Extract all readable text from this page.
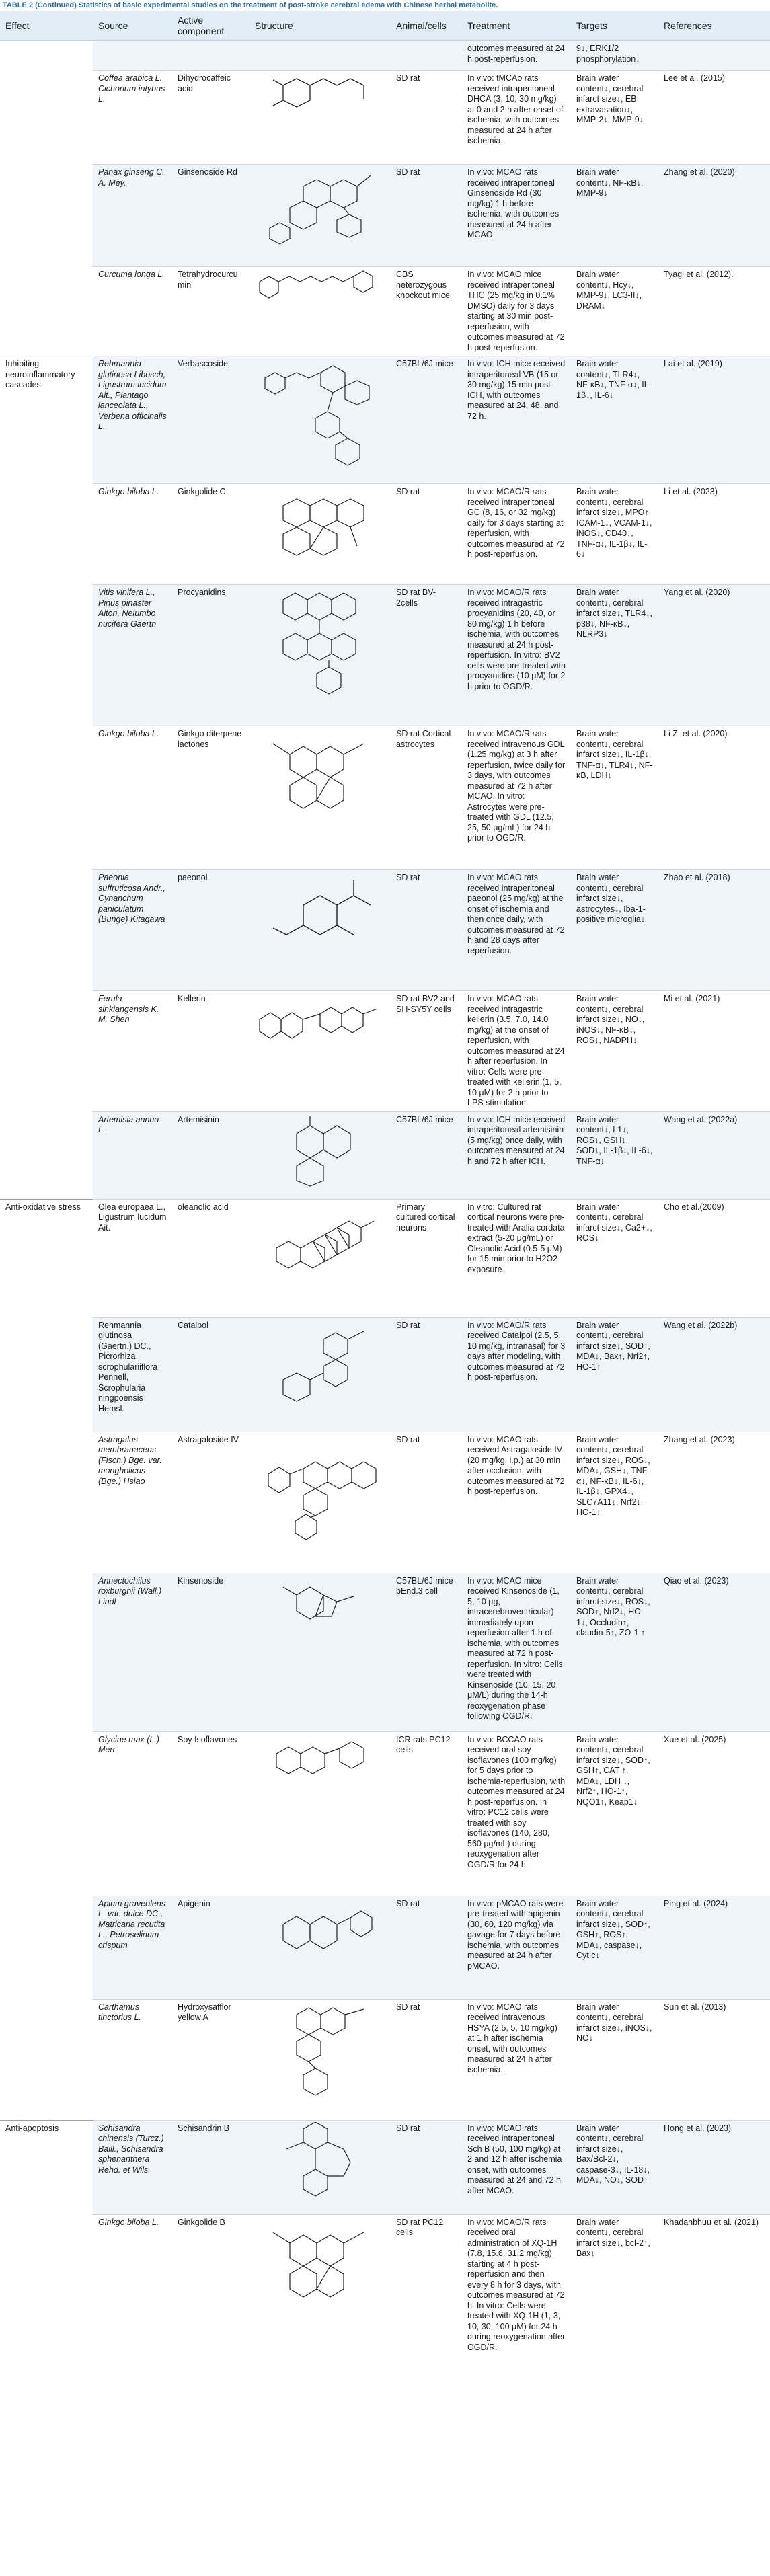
TABLE 2 (Continued) Statistics of basic experimental studies on the treatment of post-stroke cerebral edema with Chinese herbal metabolite.
Effect	Source	Active component	Structure	Animal/cells	Treatment	Targets	References
					outcomes measured at 24 h post-reperfusion.	9↓, ERK1/2 phosphorylation↓	
	Coffea arabica L. Cichorium intybus L.	Dihydrocaffeic acid		SD rat	In vivo: tMCAo rats received intraperitoneal DHCA (3, 10, 30 mg/kg) at 0 and 2 h after onset of ischemia, with outcomes measured at 24 h after ischemia.	Brain water content↓, cerebral infarct size↓, EB extravasation↓, MMP-2↓, MMP-9↓	Lee et al. (2015)
	Panax ginseng C. A. Mey.	Ginsenoside Rd		SD rat	In vivo: MCAO rats received intraperitoneal Ginsenoside Rd (30 mg/kg) 1 h before ischemia, with outcomes measured at 24 h after MCAO.	Brain water content↓, NF-κB↓, MMP-9↓	Zhang et al. (2020)
	Curcuma longa L.	Tetrahydrocurcumin		CBS heterozygous knockout mice	In vivo: MCAO mice received intraperitoneal THC (25 mg/kg in 0.1% DMSO) daily for 3 days starting at 30 min post-reperfusion, with outcomes measured at 72 h post-reperfusion.	Brain water content↓, Hcy↓, MMP-9↓, LC3-II↓, DRAM↓	Tyagi et al. (2012).
Inhibiting neuroinflammatory cascades	Rehmannia glutinosa Libosch, Ligustrum lucidum Ait., Plantago lanceolata L., Verbena officinalis L.	Verbascoside		C57BL/6J mice	In vivo: ICH mice received intraperitoneal VB (15 or 30 mg/kg) 15 min post-ICH, with outcomes measured at 24, 48, and 72 h.	Brain water content↓, TLR4↓, NF-κB↓, TNF-α↓, IL-1β↓, IL-6↓	Lai et al. (2019)
	Ginkgo biloba L.	Ginkgolide C		SD rat	In vivo: MCAO/R rats received intraperitoneal GC (8, 16, or 32 mg/kg) daily for 3 days starting at reperfusion, with outcomes measured at 72 h post-reperfusion.	Brain water content↓, cerebral infarct size↓, MPO↑, ICAM-1↓, VCAM-1↓, iNOS↓, CD40↓, TNF-α↓, IL-1β↓, IL-6↓	Li et al. (2023)
	Vitis vinifera L., Pinus pinaster Aiton, Nelumbo nucifera Gaertn	Procyanidins		SD rat BV-2cells	In vivo: MCAO/R rats received intragastric procyanidins (20, 40, or 80 mg/kg) 1 h before ischemia, with outcomes measured at 24 h post-reperfusion. In vitro: BV2 cells were pre-treated with procyanidins (10 μM) for 2 h prior to OGD/R.	Brain water content↓, cerebral infarct size↓, TLR4↓, p38↓, NF-κB↓, NLRP3↓	Yang et al. (2020)
	Ginkgo biloba L.	Ginkgo diterpene lactones		SD rat Cortical astrocytes	In vivo: MCAO/R rats received intravenous GDL (1.25 mg/kg) at 3 h after reperfusion, twice daily for 3 days, with outcomes measured at 72 h after MCAO. In vitro: Astrocytes were pre-treated with GDL (12.5, 25, 50 μg/mL) for 24 h prior to OGD/R.	Brain water content↓, cerebral infarct size↓, IL-1β↓, TNF-α↓, TLR4↓, NF-κB, LDH↓	Li Z. et al. (2020)
	Paeonia suffruticosa Andr., Cynanchum paniculatum (Bunge) Kitagawa	paeonol		SD rat	In vivo: MCAO rats received intraperitoneal paeonol (25 mg/kg) at the onset of ischemia and then once daily, with outcomes measured at 72 h and 28 days after reperfusion.	Brain water content↓, cerebral infarct size↓, astrocytes↓, Iba-1-positive microglia↓	Zhao et al. (2018)
	Ferula sinkiangensis K. M. Shen	Kellerin		SD rat BV2 and SH-SY5Y cells	In vivo: MCAO rats received intragastric kellerin (3.5, 7.0, 14.0 mg/kg) at the onset of reperfusion, with outcomes measured at 24 h after reperfusion. In vitro: Cells were pre-treated with kellerin (1, 5, 10 μM) for 2 h prior to LPS stimulation.	Brain water content↓, cerebral infarct size↓, NO↓, iNOS↓, NF-κB↓, ROS↓, NADPH↓	Mi et al. (2021)
	Artemisia annua L.	Artemisinin		C57BL/6J mice	In vivo: ICH mice received intraperitoneal artemisinin (5 mg/kg) once daily, with outcomes measured at 24 h and 72 h after ICH.	Brain water content↓, L1↓, ROS↓, GSH↓, SOD↓, IL-1β↓, IL-6↓, TNF-α↓	Wang et al. (2022a)
Anti-oxidative stress	Olea europaea L., Ligustrum lucidum Ait.	oleanolic acid		Primary cultured cortical neurons	In vitro: Cultured rat cortical neurons were pre-treated with Aralia cordata extract (5-20 μg/mL) or Oleanolic Acid (0.5-5 μM) for 15 min prior to H2O2 exposure.	Brain water content↓, cerebral infarct size↓, Ca2+↓, ROS↓	Cho et al.(2009)
	Rehmannia glutinosa (Gaertn.) DC., Picrorhiza scrophulariiflora Pennell, Scrophularia ningpoensis Hemsl.	Catalpol		SD rat	In vivo: MCAO/R rats received Catalpol (2.5, 5, 10 mg/kg, intranasal) for 3 days after modeling, with outcomes measured at 72 h post-reperfusion.	Brain water content↓, cerebral infarct size↓, SOD↑, MDA↓, Bax↑, Nrf2↑, HO-1↑	Wang et al. (2022b)
	Astragalus membranaceus (Fisch.) Bge. var. mongholicus (Bge.) Hsiao	Astragaloside IV		SD rat	In vivo: MCAO rats received Astragaloside IV (20 mg/kg, i.p.) at 30 min after occlusion, with outcomes measured at 72 h post-reperfusion.	Brain water content↓, cerebral infarct size↓, ROS↓, MDA↓, GSH↓, TNF-α↓, NF-κB↓, IL-6↓, IL-1β↓, GPX4↓, SLC7A11↓, Nrf2↓, HO-1↓	Zhang et al. (2023)
	Annectochilus roxburghii (Wall.) Lindl	Kinsenoside		C57BL/6J mice bEnd.3 cell	In vivo: MCAO mice received Kinsenoside (1, 5, 10 μg, intracerebroventricular) immediately upon reperfusion after 1 h of ischemia, with outcomes measured at 72 h post-reperfusion. In vitro: Cells were treated with Kinsenoside (10, 15, 20 μM/L) during the 14-h reoxygenation phase following OGD/R.	Brain water content↓, cerebral infarct size↓, ROS↓, SOD↑, Nrf2↓, HO-1↓, Occludin↑, claudin-5↑, ZO-1 ↑	Qiao et al. (2023)
	Glycine max (L.) Merr.	Soy Isoflavones		ICR rats PC12 cells	In vivo: BCCAO rats received oral soy isoflavones (100 mg/kg) for 5 days prior to ischemia-reperfusion, with outcomes measured at 24 h post-reperfusion. In vitro: PC12 cells were treated with soy isoflavones (140, 280, 560 μg/mL) during reoxygenation after OGD/R for 24 h.	Brain water content↓, cerebral infarct size↓, SOD↑, GSH↑, CAT ↑, MDA↓, LDH ↓, Nrf2↑, HO-1↑, NQO1↑, Keap1↓	Xue et al. (2025)
	Apium graveolens L. var. dulce DC., Matricaria recutita L., Petroselinum crispum	Apigenin		SD rat	In vivo: pMCAO rats were pre-treated with apigenin (30, 60, 120 mg/kg) via gavage for 7 days before ischemia, with outcomes measured at 24 h after pMCAO.	Brain water content↓, cerebral infarct size↓, SOD↑, GSH↑, ROS↑, MDA↓, caspase↓, Cyt c↓	Ping et al. (2024)
	Carthamus tinctorius L.	Hydroxysafflor yellow A		SD rat	In vivo: MCAO rats received intravenous HSYA (2.5, 5, 10 mg/kg) at 1 h after ischemia onset, with outcomes measured at 24 h after ischemia.	Brain water content↓, cerebral infarct size↓, iNOS↓, NO↓	Sun et al. (2013)
Anti-apoptosis	Schisandra chinensis (Turcz.) Baill., Schisandra sphenanthera Rehd. et Wils.	Schisandrin B		SD rat	In vivo: MCAO rats received intraperitoneal Sch B (50, 100 mg/kg) at 2 and 12 h after ischemia onset, with outcomes measured at 24 and 72 h after MCAO.	Brain water content↓, cerebral infarct size↓, Bax/Bcl-2↓, caspase-3↓, IL-18↓, MDA↓, NO↓, SOD↑	Hong et al. (2023)
	Ginkgo biloba L.	Ginkgolide B		SD rat PC12 cells	In vivo: MCAO/R rats received oral administration of XQ-1H (7.8, 15.6, 31.2 mg/kg) starting at 4 h post-reperfusion and then every 8 h for 3 days, with outcomes measured at 72 h. In vitro: Cells were treated with XQ-1H (1, 3, 10, 30, 100 μM) for 24 h during reoxygenation after OGD/R.	Brain water content↓, cerebral infarct size↓, bcl-2↑, Bax↓	Khadanbhuu et al. (2021)
